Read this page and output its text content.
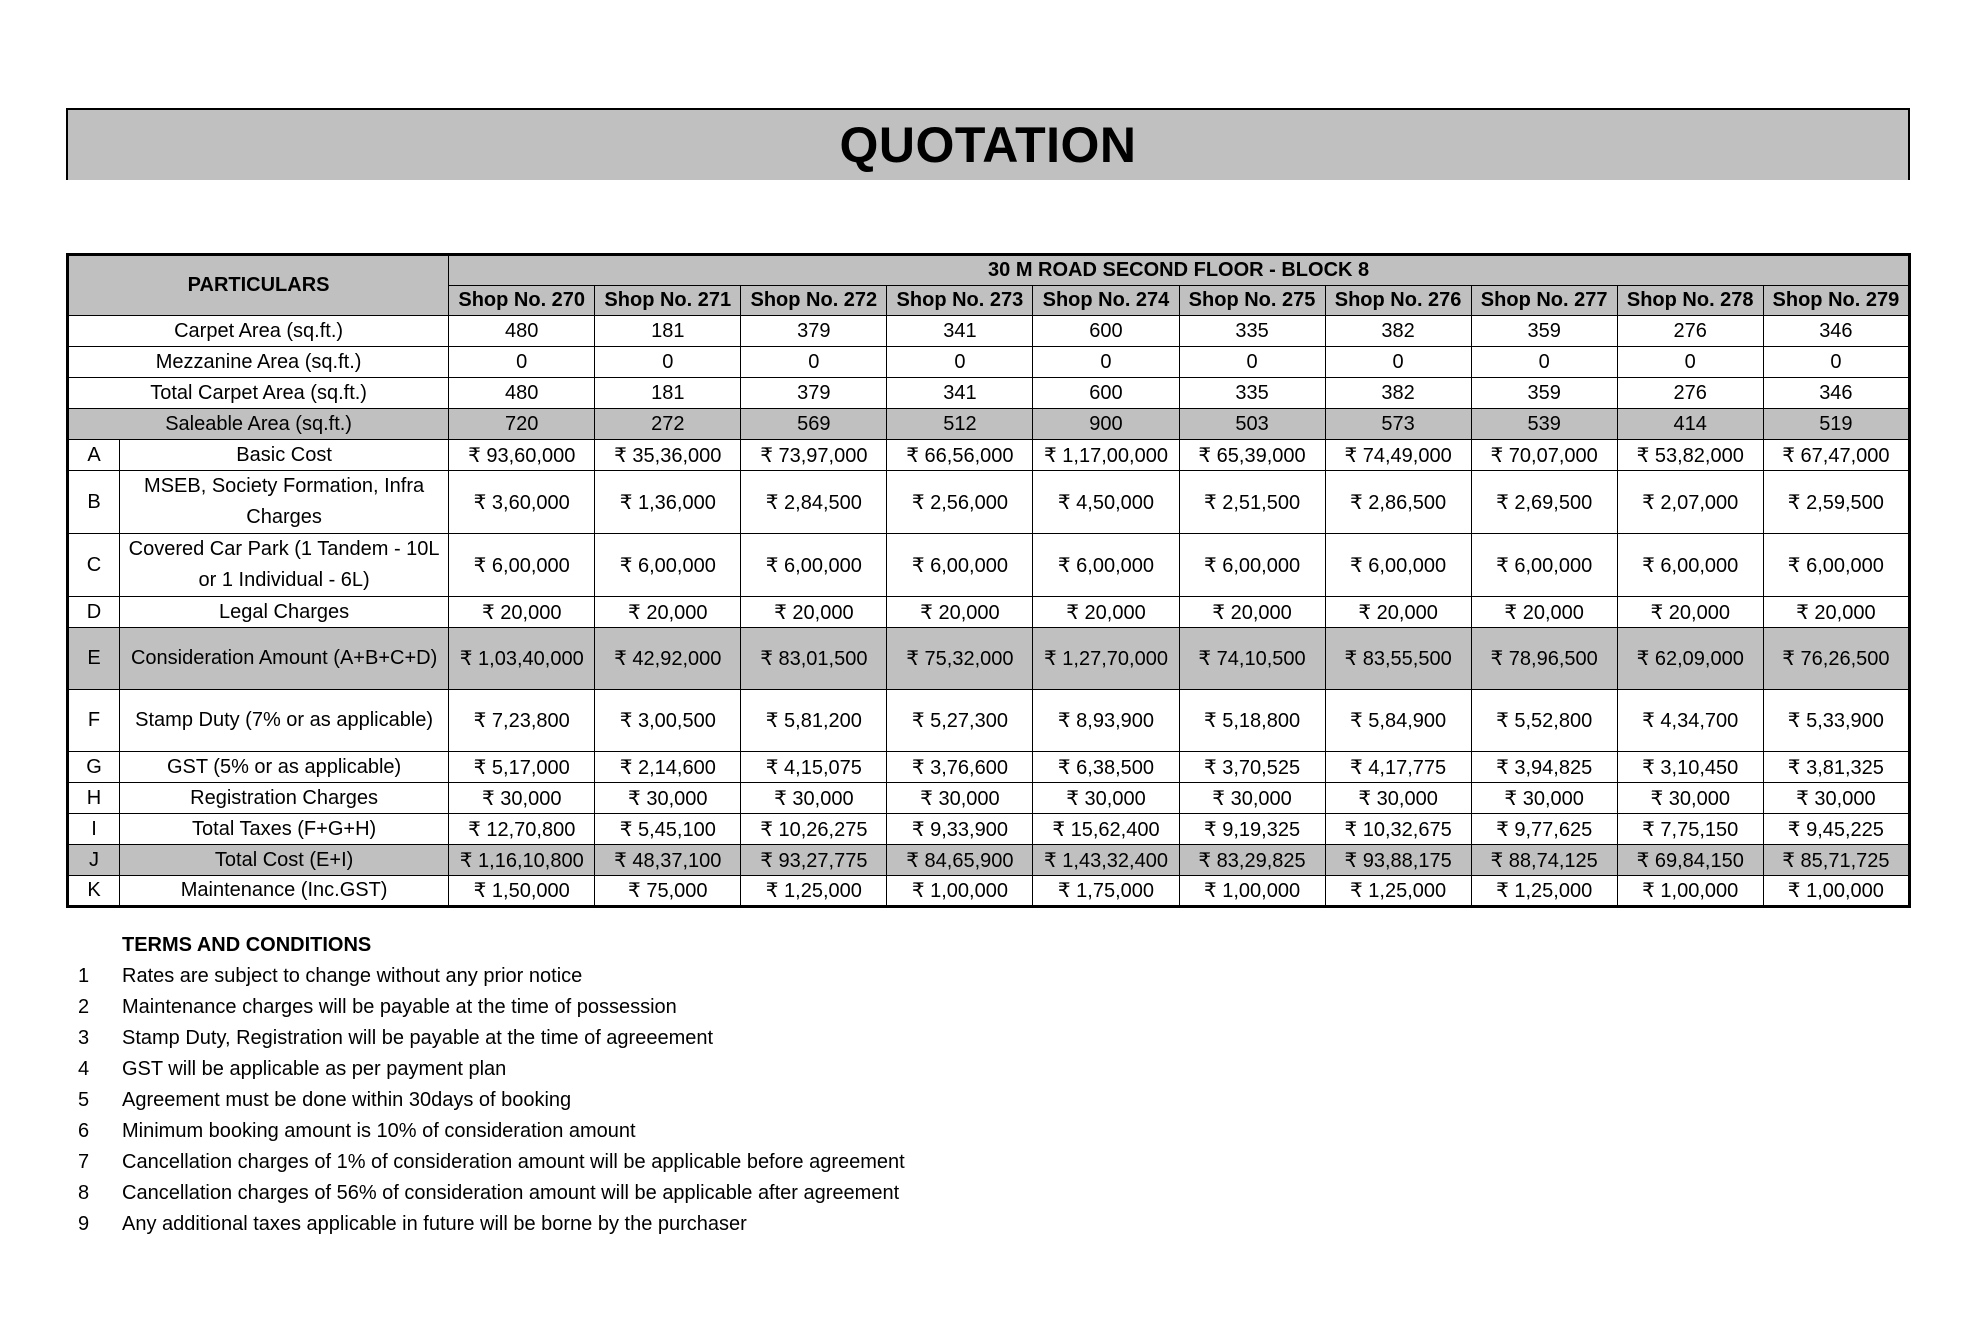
QUOTATION
PARTICULARS		30 M ROAD SECOND FLOOR - BLOCK 8									
		Shop No. 270	Shop No. 271	Shop No. 272	Shop No. 273	Shop No. 274	Shop No. 275	Shop No. 276	Shop No. 277	Shop No. 278	Shop No. 279
Carpet Area (sq.ft.)		480	181	379	341	600	335	382	359	276	346
Mezzanine Area (sq.ft.)		0	0	0	0	0	0	0	0	0	0
Total Carpet Area (sq.ft.)		480	181	379	341	600	335	382	359	276	346
Saleable Area (sq.ft.)		720	272	569	512	900	503	573	539	414	519
A	Basic Cost	₹ 93,60,000	₹ 35,36,000	₹ 73,97,000	₹ 66,56,000	₹ 1,17,00,000	₹ 65,39,000	₹ 74,49,000	₹ 70,07,000	₹ 53,82,000	₹ 67,47,000
B	MSEB, Society Formation, Infra Charges	₹ 3,60,000	₹ 1,36,000	₹ 2,84,500	₹ 2,56,000	₹ 4,50,000	₹ 2,51,500	₹ 2,86,500	₹ 2,69,500	₹ 2,07,000	₹ 2,59,500
C	Covered Car Park (1 Tandem - 10L or 1 Individual - 6L)	₹ 6,00,000	₹ 6,00,000	₹ 6,00,000	₹ 6,00,000	₹ 6,00,000	₹ 6,00,000	₹ 6,00,000	₹ 6,00,000	₹ 6,00,000	₹ 6,00,000
D	Legal Charges	₹ 20,000	₹ 20,000	₹ 20,000	₹ 20,000	₹ 20,000	₹ 20,000	₹ 20,000	₹ 20,000	₹ 20,000	₹ 20,000
E	Consideration Amount (A+B+C+D)	₹ 1,03,40,000	₹ 42,92,000	₹ 83,01,500	₹ 75,32,000	₹ 1,27,70,000	₹ 74,10,500	₹ 83,55,500	₹ 78,96,500	₹ 62,09,000	₹ 76,26,500
F	Stamp Duty (7% or as applicable)	₹ 7,23,800	₹ 3,00,500	₹ 5,81,200	₹ 5,27,300	₹ 8,93,900	₹ 5,18,800	₹ 5,84,900	₹ 5,52,800	₹ 4,34,700	₹ 5,33,900
G	GST (5% or as applicable)	₹ 5,17,000	₹ 2,14,600	₹ 4,15,075	₹ 3,76,600	₹ 6,38,500	₹ 3,70,525	₹ 4,17,775	₹ 3,94,825	₹ 3,10,450	₹ 3,81,325
H	Registration Charges	₹ 30,000	₹ 30,000	₹ 30,000	₹ 30,000	₹ 30,000	₹ 30,000	₹ 30,000	₹ 30,000	₹ 30,000	₹ 30,000
I	Total Taxes (F+G+H)	₹ 12,70,800	₹ 5,45,100	₹ 10,26,275	₹ 9,33,900	₹ 15,62,400	₹ 9,19,325	₹ 10,32,675	₹ 9,77,625	₹ 7,75,150	₹ 9,45,225
J	Total Cost (E+I)	₹ 1,16,10,800	₹ 48,37,100	₹ 93,27,775	₹ 84,65,900	₹ 1,43,32,400	₹ 83,29,825	₹ 93,88,175	₹ 88,74,125	₹ 69,84,150	₹ 85,71,725
K	Maintenance (Inc.GST)	₹ 1,50,000	₹ 75,000	₹ 1,25,000	₹ 1,00,000	₹ 1,75,000	₹ 1,00,000	₹ 1,25,000	₹ 1,25,000	₹ 1,00,000	₹ 1,00,000
TERMS AND CONDITIONS
1	Rates are subject to change without any prior notice
2	Maintenance charges will be payable at the time of possession
3	Stamp Duty, Registration will be payable at the time of agreeement
4	GST will be applicable as per payment plan
5	Agreement must be done within 30days of booking
6	Minimum booking amount is 10% of consideration amount
7	Cancellation charges of 1% of consideration amount will be applicable before agreement
8	Cancellation charges of 56% of consideration amount will be applicable after agreement
9	Any additional taxes applicable in future will be borne by the purchaser
